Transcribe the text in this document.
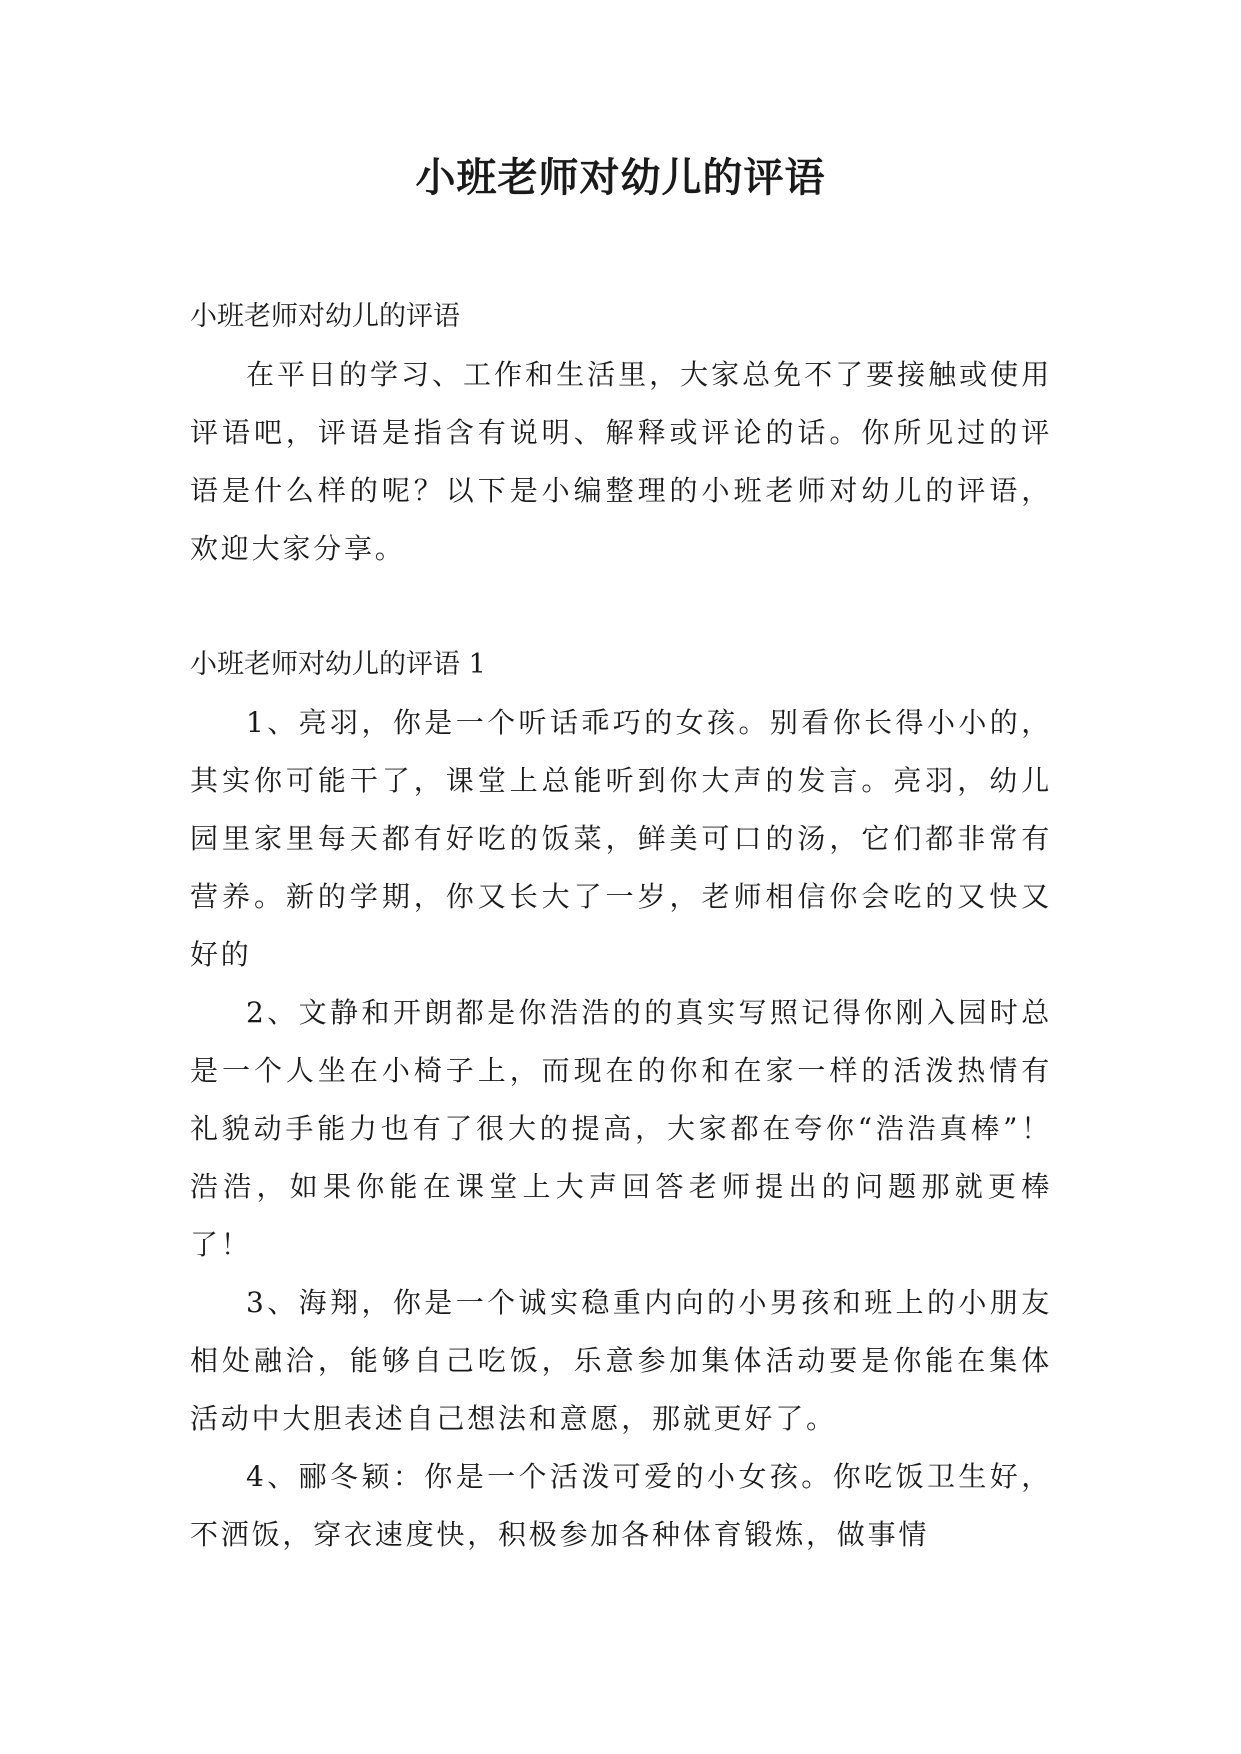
小班老师对幼儿的评语

小班老师对幼儿的评语

在平日的学习、工作和生活里，大家总免不了要接触或使用评语吧，评语是指含有说明、解释或评论的话。你所见过的评语是什么样的呢？以下是小编整理的小班老师对幼儿的评语，欢迎大家分享。

小班老师对幼儿的评语 1

1、亮羽，你是一个听话乖巧的女孩。别看你长得小小的，其实你可能干了，课堂上总能听到你大声的发言。亮羽，幼儿园里家里每天都有好吃的饭菜，鲜美可口的汤，它们都非常有营养。新的学期，你又长大了一岁，老师相信你会吃的又快又好的

2、文静和开朗都是你浩浩的的真实写照记得你刚入园时总是一个人坐在小椅子上，而现在的你和在家一样的活泼热情有礼貌动手能力也有了很大的提高，大家都在夸你“浩浩真棒”！浩浩，如果你能在课堂上大声回答老师提出的问题那就更棒了！

3、海翔，你是一个诚实稳重内向的小男孩和班上的小朋友相处融洽，能够自己吃饭，乐意参加集体活动要是你能在集体活动中大胆表述自己想法和意愿，那就更好了。

4、郦冬颖：你是一个活泼可爱的小女孩。你吃饭卫生好，不洒饭，穿衣速度快，积极参加各种体育锻炼，做事情
